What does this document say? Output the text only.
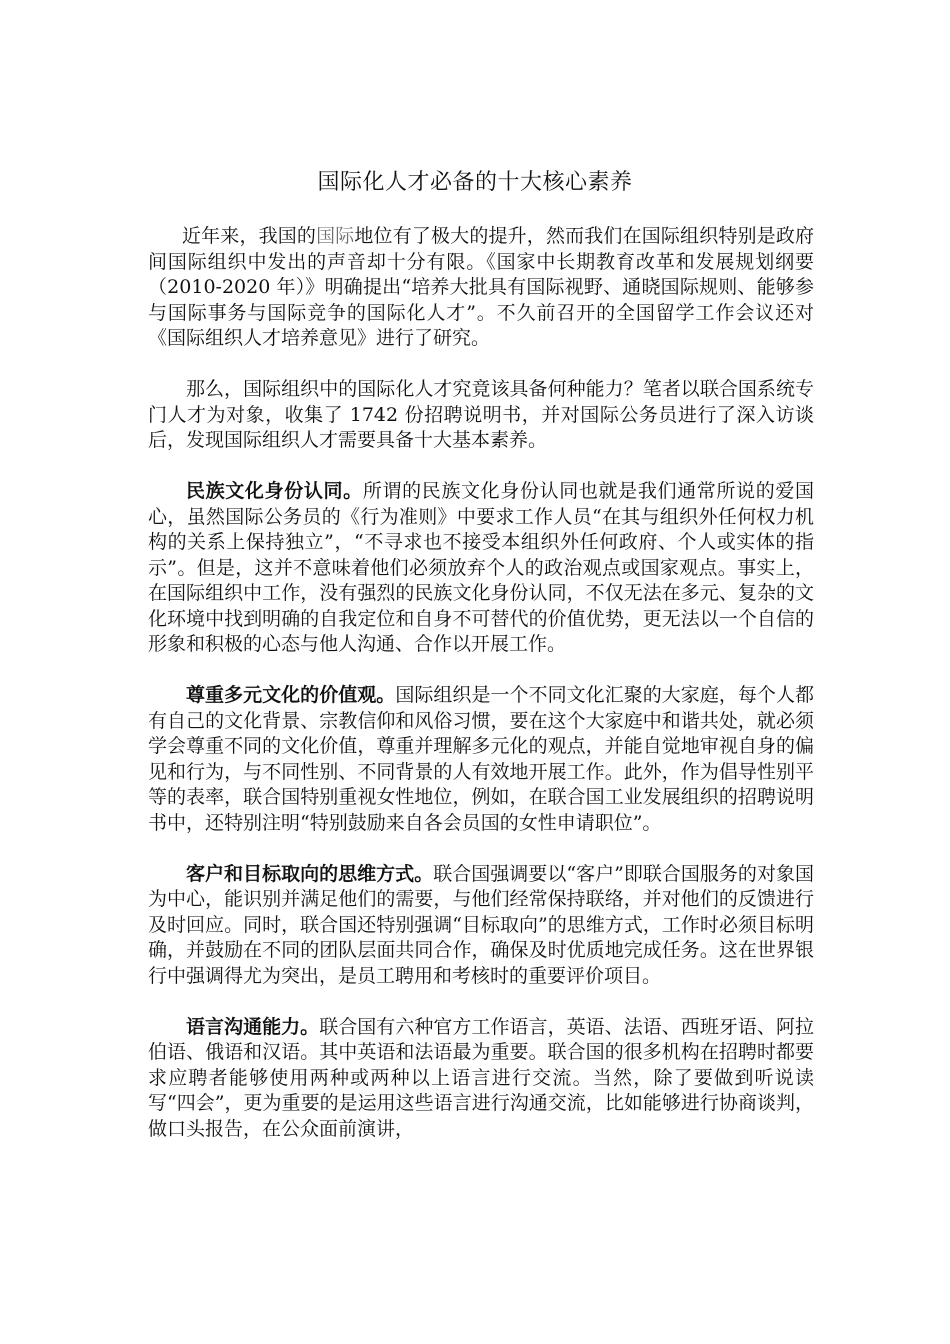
国际化人才必备的十大核心素养

近年来，我国的国际地位有了极大的提升，然而我们在国际组织特别是政府间国际组织中发出的声音却十分有限。《国家中长期教育改革和发展规划纲要（2010-2020 年）》明确提出“培养大批具有国际视野、通晓国际规则、能够参与国际事务与国际竞争的国际化人才”。不久前召开的全国留学工作会议还对《国际组织人才培养意见》进行了研究。

那么，国际组织中的国际化人才究竟该具备何种能力？笔者以联合国系统专门人才为对象，收集了 1742 份招聘说明书，并对国际公务员进行了深入访谈后，发现国际组织人才需要具备十大基本素养。

民族文化身份认同。所谓的民族文化身份认同也就是我们通常所说的爱国心，虽然国际公务员的《行为准则》中要求工作人员“在其与组织外任何权力机构的关系上保持独立”，“不寻求也不接受本组织外任何政府、个人或实体的指示”。但是，这并不意味着他们必须放弃个人的政治观点或国家观点。事实上，在国际组织中工作，没有强烈的民族文化身份认同，不仅无法在多元、复杂的文化环境中找到明确的自我定位和自身不可替代的价值优势，更无法以一个自信的形象和积极的心态与他人沟通、合作以开展工作。

尊重多元文化的价值观。国际组织是一个不同文化汇聚的大家庭，每个人都有自己的文化背景、宗教信仰和风俗习惯，要在这个大家庭中和谐共处，就必须学会尊重不同的文化价值，尊重并理解多元化的观点，并能自觉地审视自身的偏见和行为，与不同性别、不同背景的人有效地开展工作。此外，作为倡导性别平等的表率，联合国特别重视女性地位，例如，在联合国工业发展组织的招聘说明书中，还特别注明“特别鼓励来自各会员国的女性申请职位”。

客户和目标取向的思维方式。联合国强调要以“客户”即联合国服务的对象国为中心，能识别并满足他们的需要，与他们经常保持联络，并对他们的反馈进行及时回应。同时，联合国还特别强调“目标取向”的思维方式，工作时必须目标明确，并鼓励在不同的团队层面共同合作，确保及时优质地完成任务。这在世界银行中强调得尤为突出，是员工聘用和考核时的重要评价项目。

语言沟通能力。联合国有六种官方工作语言，英语、法语、西班牙语、阿拉伯语、俄语和汉语。其中英语和法语最为重要。联合国的很多机构在招聘时都要求应聘者能够使用两种或两种以上语言进行交流。当然，除了要做到听说读写“四会”，更为重要的是运用这些语言进行沟通交流，比如能够进行协商谈判，做口头报告，在公众面前演讲，
